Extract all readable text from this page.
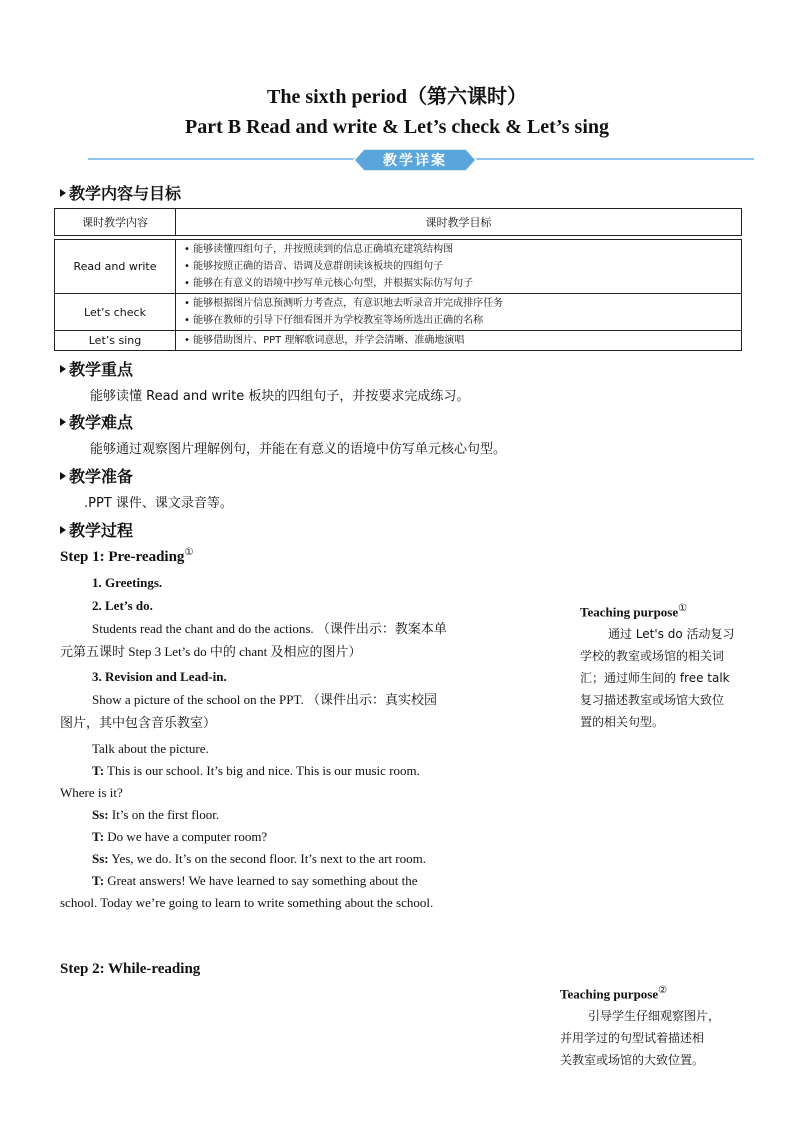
The sixth period（第六课时）
Part B Read and write & Let’s check & Let’s sing
教学详案
教学内容与目标
课时教学内容	课时教学目标

Read and write	• 能够读懂四组句子，并按照读到的信息正确填充建筑结构图
• 能够按照正确的语音、语调及意群朗读该板块的四组句子
• 能够在有意义的语境中抄写单元核心句型，并根据实际仿写句子

Let’s check	• 能够根据图片信息预测听力考查点，有意识地去听录音并完成排序任务
• 能够在教师的引导下仔细看图并为学校教室等场所选出正确的名称

Let’s sing	• 能够借助图片、PPT 理解歌词意思，并学会清晰、准确地演唱
教学重点
能够读懂 Read and write 板块的四组句子，并按要求完成练习。
教学难点
能够通过观察图片理解例句，并能在有意义的语境中仿写单元核心句型。
教学准备
.PPT 课件、课文录音等。
教学过程
Step 1: Pre-reading①
1. Greetings.
2. Let’s do.
Students read the chant and do the actions. （课件出示：教案本单
元第五课时 Step 3 Let’s do 中的 chant 及相应的图片）
3. Revision and Lead-in.
Show a picture of the school on the PPT. （课件出示：真实校园
图片，其中包含音乐教室）
Talk about the picture.
T: This is our school. It’s big and nice. This is our music room.
Where is it?
Ss: It’s on the first floor.
T: Do we have a computer room?
Ss: Yes, we do. It’s on the second floor. It’s next to the art room.
T: Great answers! We have learned to say something about the
school. Today we’re going to learn to write something about the school.
Step 2: While-reading
Teaching purpose①
通过 Let's do 活动复习
学校的教室或场馆的相关词
汇；通过师生间的 free talk
复习描述教室或场馆大致位
置的相关句型。
Teaching purpose②
引导学生仔细观察图片，
并用学过的句型试着描述相
关教室或场馆的大致位置。
